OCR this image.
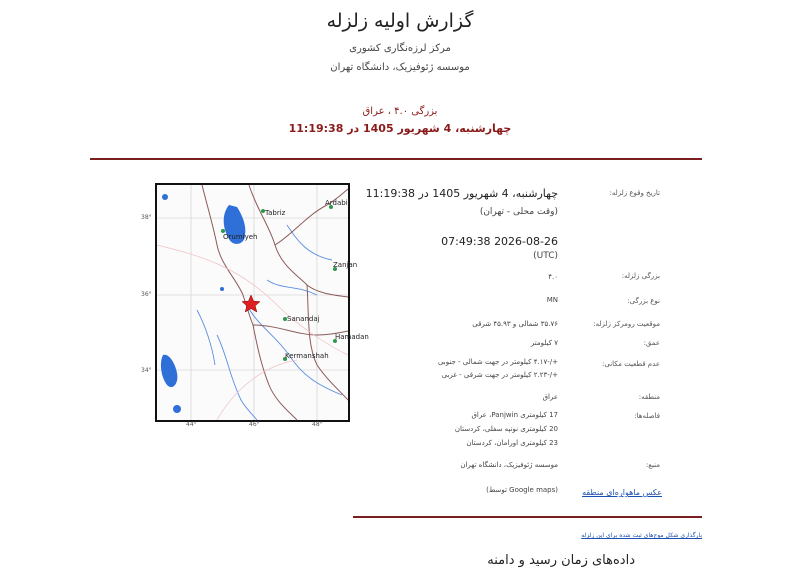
گزارش اولیه زلزله
مرکز لرزه‌نگاری کشوری
موسسه ژئوفیزیک، دانشگاه تهران
بزرگی ۴.۰ ، عراق
چهارشنبه، 4 شهریور 1405 در 11:19:38
Tabriz
Orumiyeh
Ardabil
Zanjan
Sanandaj
Hamadan
Kermanshah
38°
36°
34°
44°	46°	48°
تاریخ وقوع زلزله:
چهارشنبه، 4 شهریور 1405 در 11:19:38
(وقت محلی - تهران)
2026-08-26 07:49:38
(UTC)
بزرگی زلزله:
۴.۰
نوع بزرگی:
MN
موقعیت رومرکز زلزله:
۳۵.۷۶ شمالی و ۴۵.۹۳ شرقی
عمق:
۷ کیلومتر
عدم قطعیت مکانی:
+/-۴.۱۷ کیلومتر در جهت شمالی - جنوبی
+/-۲.۲۳ کیلومتر در جهت شرقی - غربی
منطقه:
عراق
فاصله‌ها:
17 کیلومتری Panjwin، عراق
20 کیلومتری نوتپه سفلی، کردستان
23 کیلومتری اورامان، کردستان
منبع:
موسسه ژئوفیزیک، دانشگاه تهران
عکس ماهواره‌ای منطقه
(Google maps توسط)
بارگذاری شکل موج‌های ثبت شده برای این زلزله
داده‌های زمان رسید و دامنه
